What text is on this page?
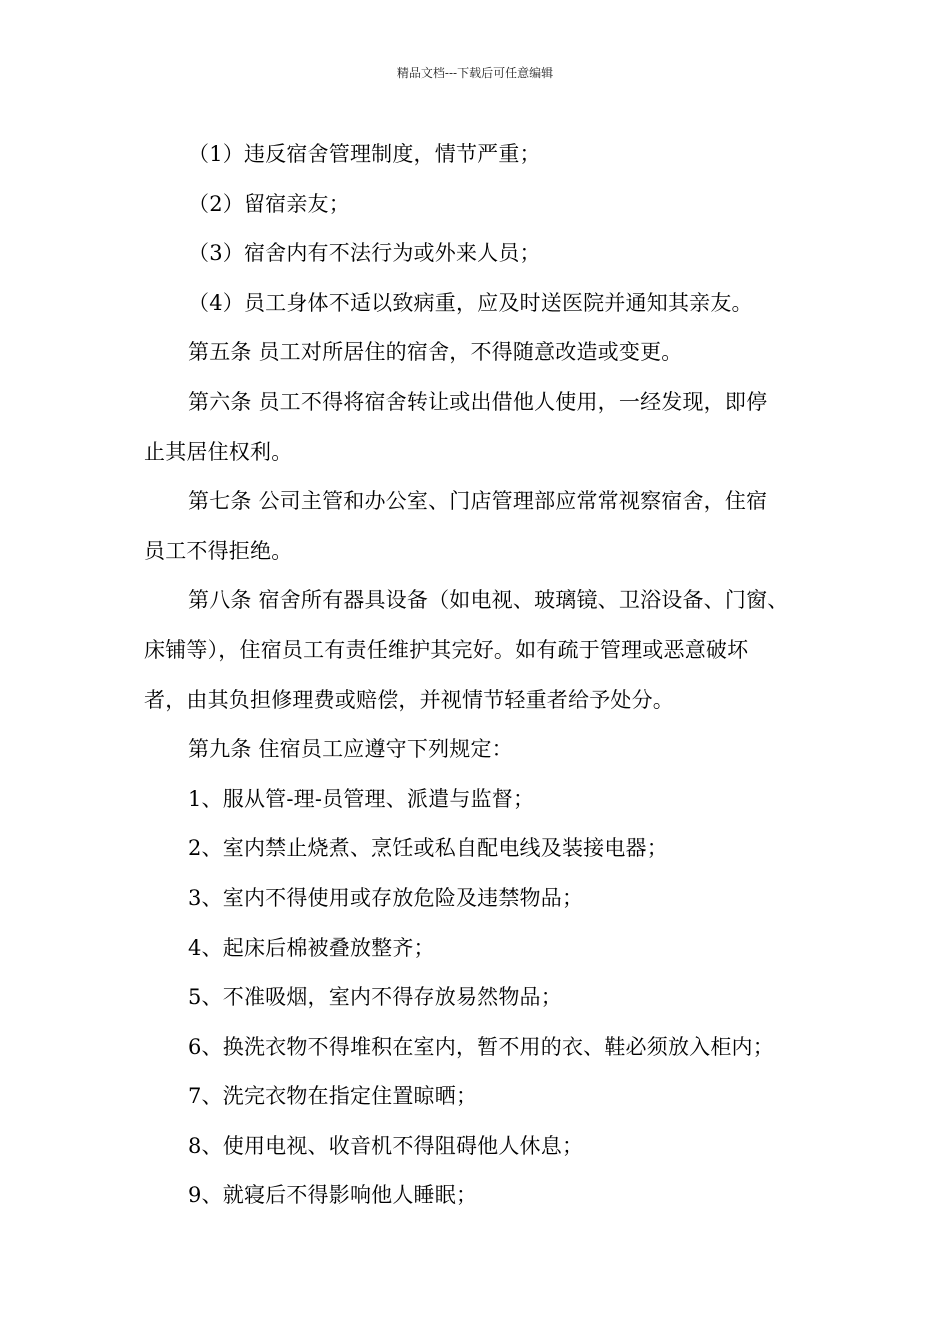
精品文档---下载后可任意编辑
（1）违反宿舍管理制度，情节严重；
（2）留宿亲友；
（3）宿舍内有不法行为或外来人员；
（4）员工身体不适以致病重，应及时送医院并通知其亲友。
第五条 员工对所居住的宿舍，不得随意改造或变更。
第六条 员工不得将宿舍转让或出借他人使用，一经发现，即停
止其居住权利。
第七条 公司主管和办公室、门店管理部应常常视察宿舍，住宿
员工不得拒绝。
第八条 宿舍所有器具设备（如电视、玻璃镜、卫浴设备、门窗、
床铺等），住宿员工有责任维护其完好。如有疏于管理或恶意破坏
者，由其负担修理费或赔偿，并视情节轻重者给予处分。
第九条 住宿员工应遵守下列规定：
1、服从管-理-员管理、派遣与监督；
2、室内禁止烧煮、烹饪或私自配电线及装接电器；
3、室内不得使用或存放危险及违禁物品；
4、起床后棉被叠放整齐；
5、不准吸烟，室内不得存放易然物品；
6、换洗衣物不得堆积在室内，暂不用的衣、鞋必须放入柜内；
7、洗完衣物在指定住置晾晒；
8、使用电视、收音机不得阻碍他人休息；
9、就寝后不得影响他人睡眠；
